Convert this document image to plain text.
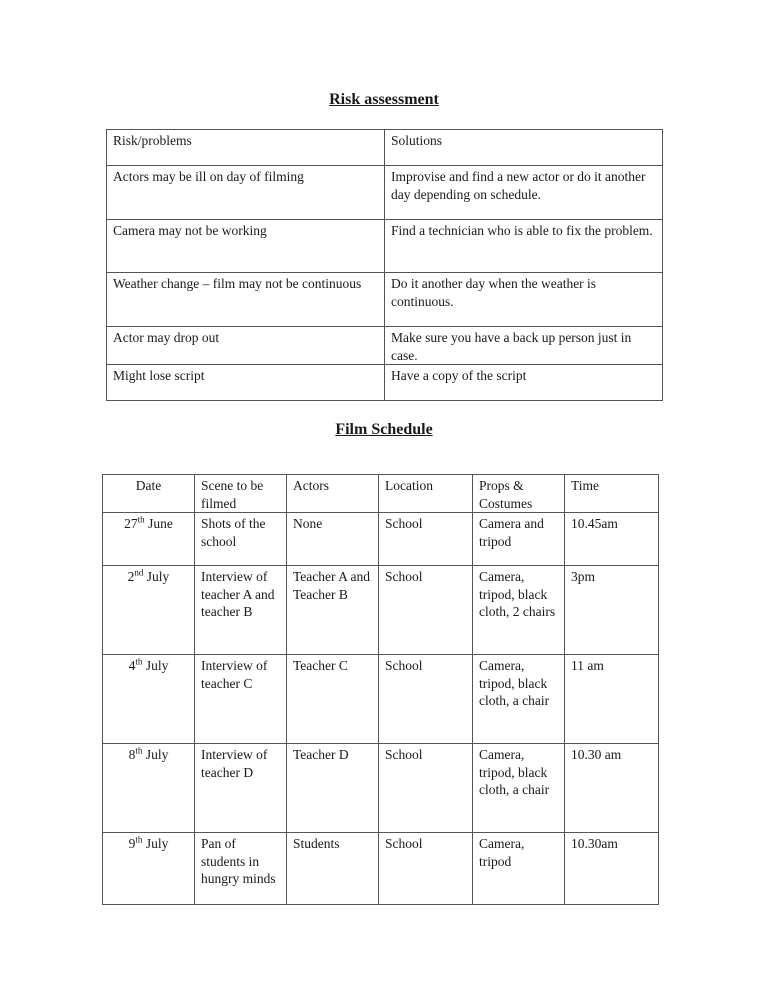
Risk assessment
Risk/problems	Solutions
Actors may be ill on day of filming	Improvise and find a new actor or do it another day depending on schedule.
Camera may not be working	Find a technician who is able to fix the problem.
Weather change – film may not be continuous	Do it another day when the weather is continuous.
Actor may drop out	Make sure you have a back up person just in case.
Might lose script	Have a copy of the script
Film Schedule
Date	Scene to be filmed	Actors	Location	Props & Costumes	Time
27th June	Shots of the school	None	School	Camera and tripod	10.45am
2nd July	Interview of teacher A and teacher B	Teacher A and Teacher B	School	Camera, tripod, black cloth, 2 chairs	3pm
4th July	Interview of teacher C	Teacher C	School	Camera, tripod, black cloth, a chair	11 am
8th July	Interview of teacher D	Teacher D	School	Camera, tripod, black cloth, a chair	10.30 am
9th July	Pan of students in hungry minds	Students	School	Camera, tripod	10.30am
